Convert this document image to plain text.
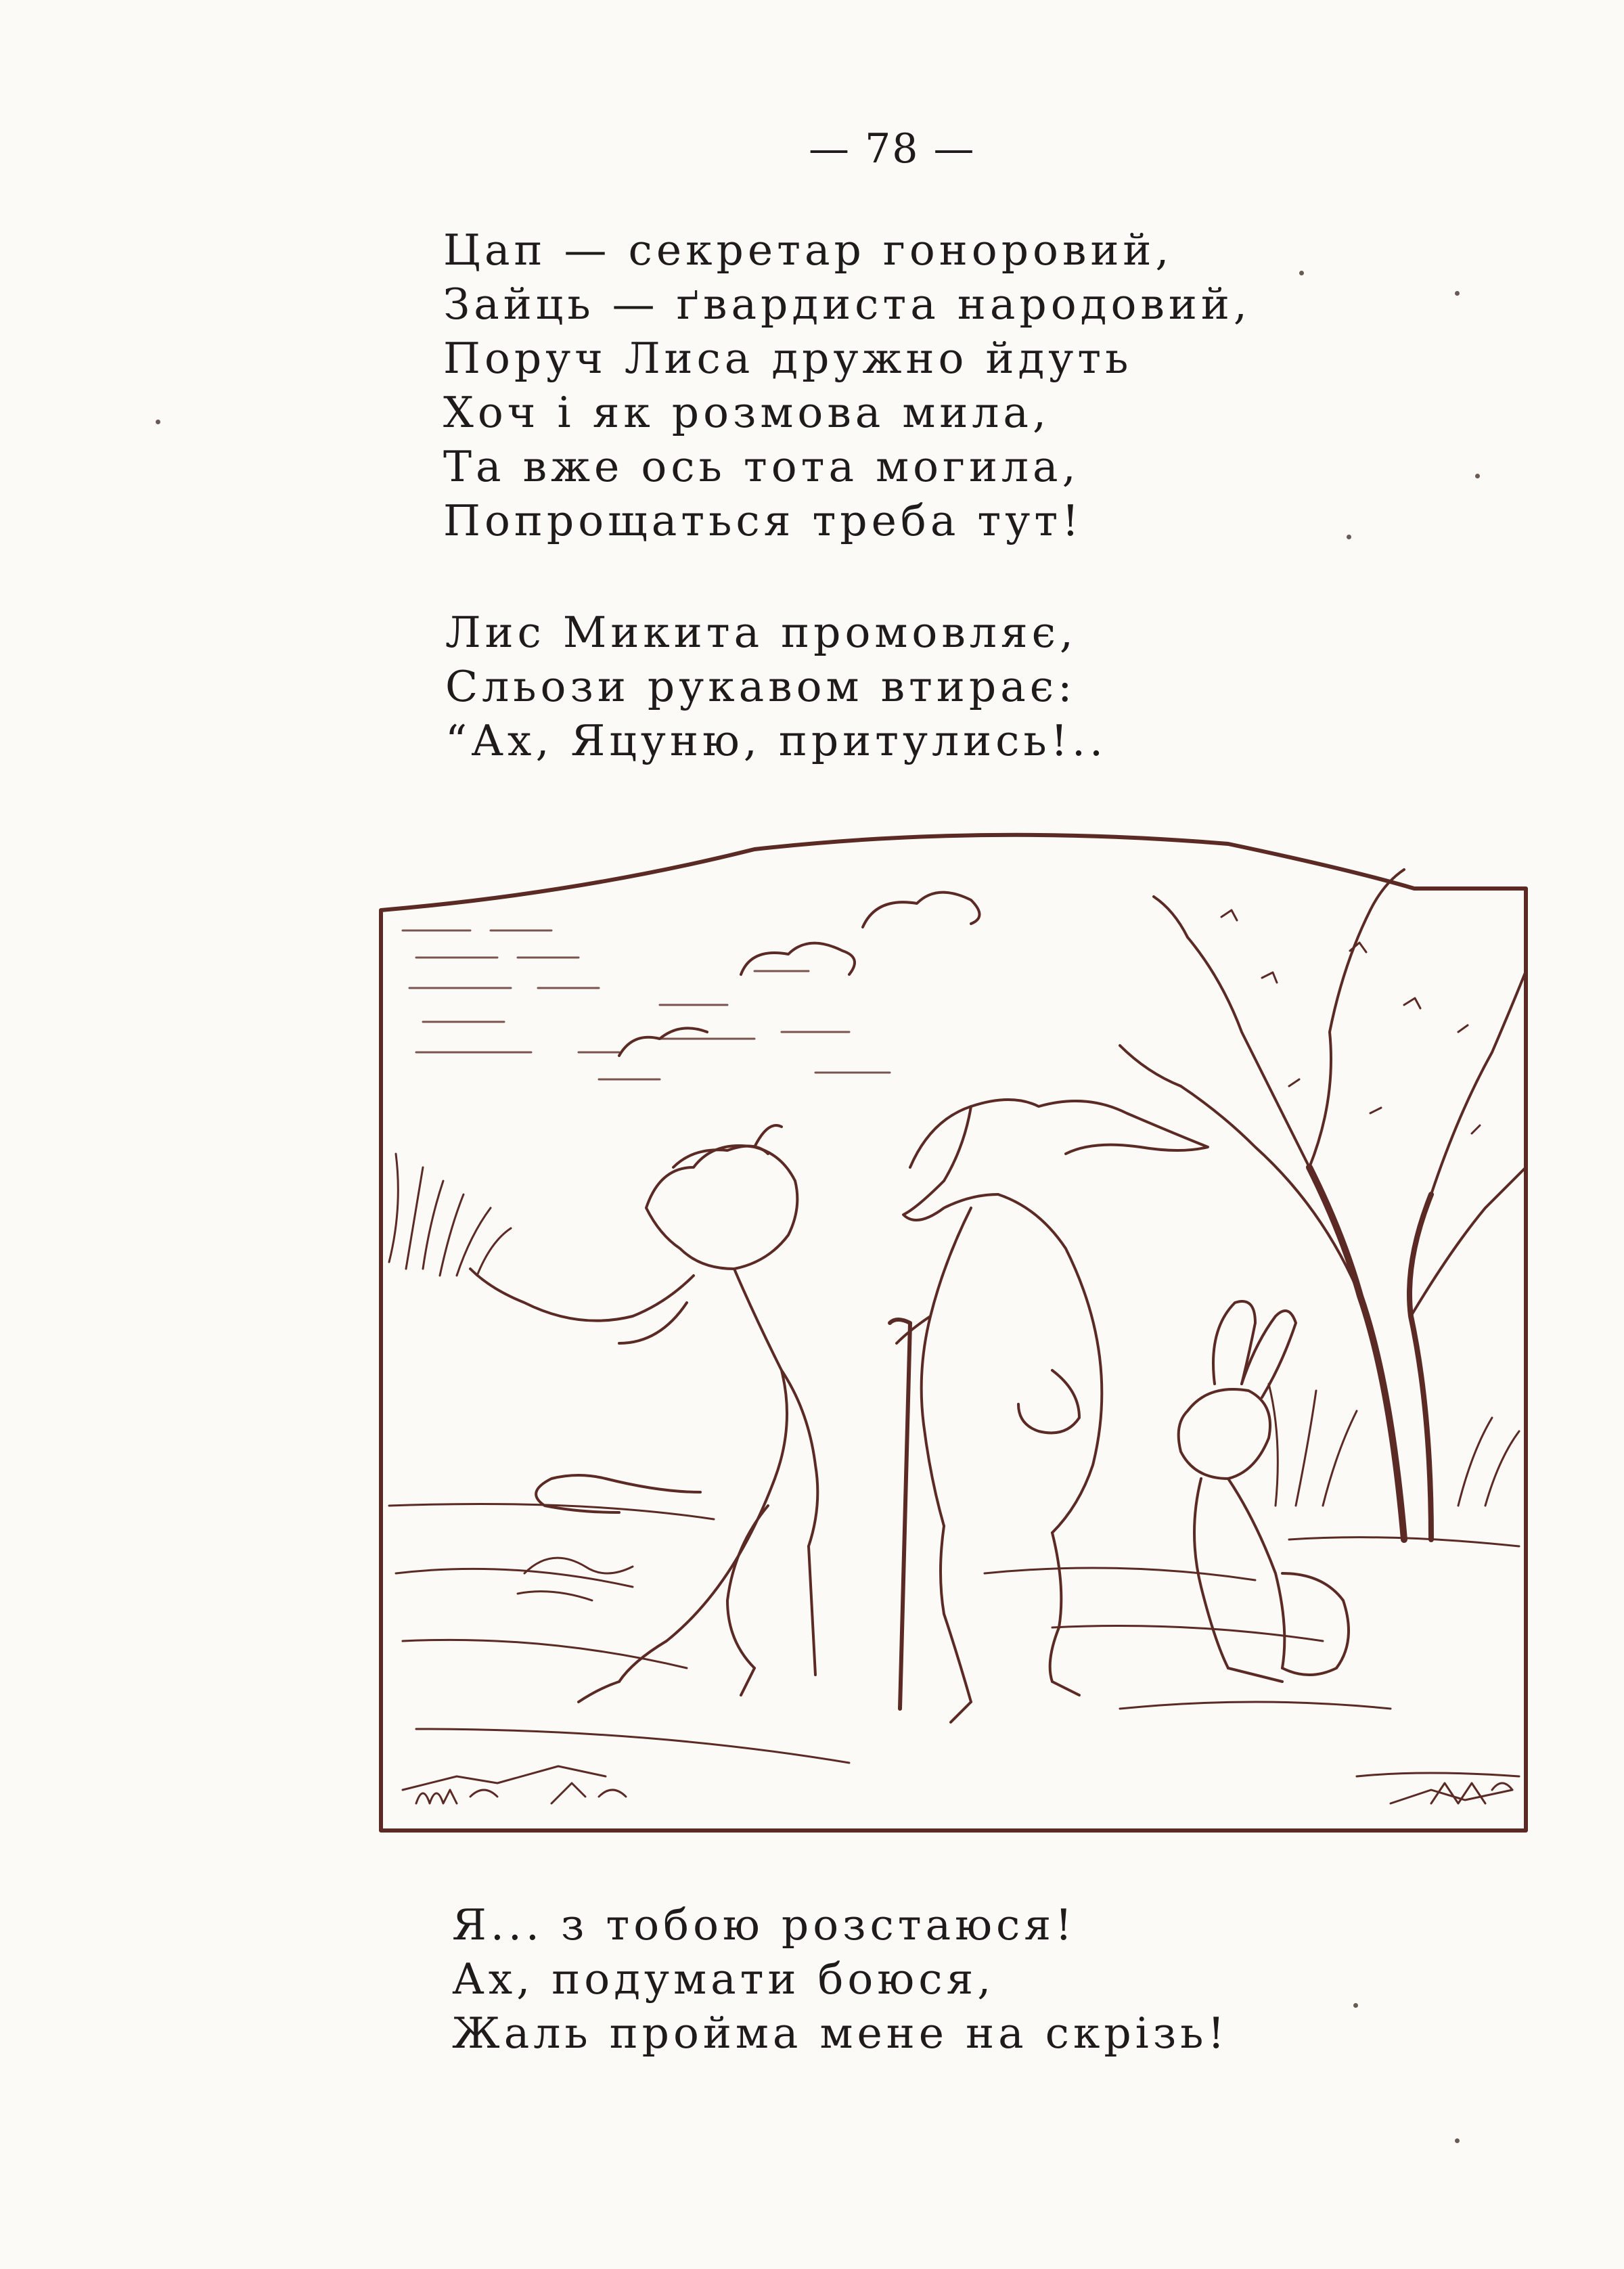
— 78 —
Цап — секретар гоноровий,
Зайць — ґвардиста народовий,
Поруч Лиса дружно йдуть
Хоч і як розмова мила,
Та вже ось тота могила,
Попрощаться треба тут!
Лис Микита промовляє,
Сльози рукавом втирає:
“Ах, Яцуню, притулись!..
Я... з тобою розстаюся!
Ах, подумати боюся,
Жаль пройма мене на скрізь!
